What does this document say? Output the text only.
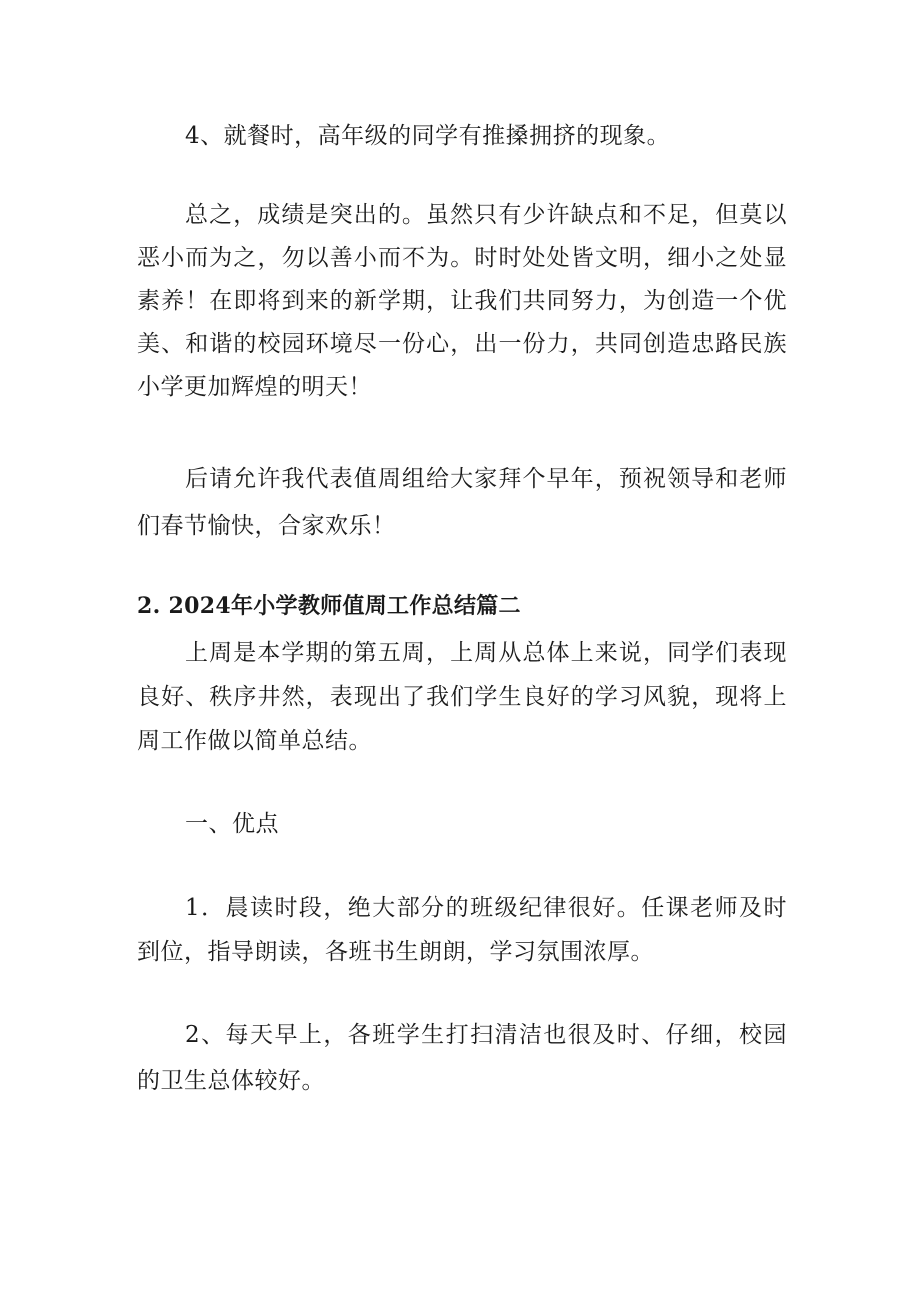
4、就餐时，高年级的同学有推搡拥挤的现象。

总之，成绩是突出的。虽然只有少许缺点和不足，但莫以恶小而为之，勿以善小而不为。时时处处皆文明，细小之处显素养！在即将到来的新学期，让我们共同努力，为创造一个优美、和谐的校园环境尽一份心，出一份力，共同创造忠路民族小学更加辉煌的明天！

后请允许我代表值周组给大家拜个早年，预祝领导和老师们春节愉快，合家欢乐！

2. 2024年小学教师值周工作总结篇二

上周是本学期的第五周，上周从总体上来说，同学们表现良好、秩序井然，表现出了我们学生良好的学习风貌，现将上周工作做以简单总结。

一、优点

1．晨读时段，绝大部分的班级纪律很好。任课老师及时到位，指导朗读，各班书生朗朗，学习氛围浓厚。

2、每天早上，各班学生打扫清洁也很及时、仔细，校园的卫生总体较好。
